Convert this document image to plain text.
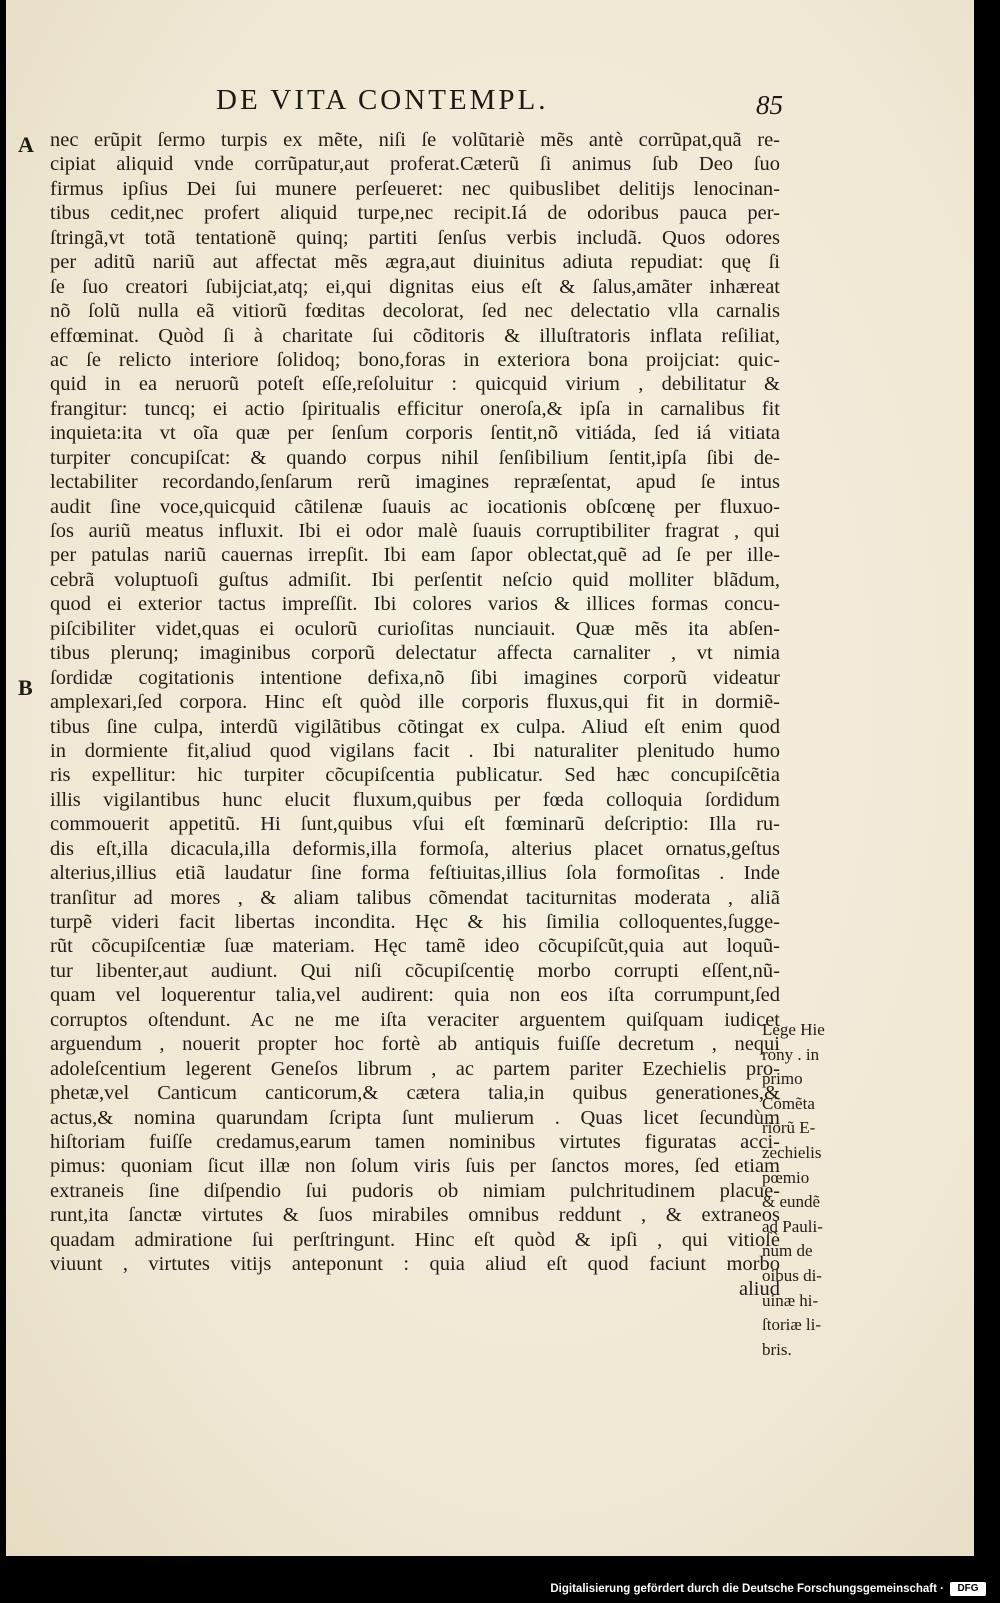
DE VITA CONTEMPL.	85
A
B
nec erũpit ſermo turpis ex mẽte, niſi ſe volũtariè mẽs antè corrũpat,quã re-
cipiat aliquid vnde corrũpatur,aut proferat.Cæterũ ſi animus ſub Deo ſuo
firmus ipſius Dei ſui munere perſeueret: nec quibuslibet delitijs lenocinan-
tibus cedit,nec profert aliquid turpe,nec recipit.Iá de odoribus pauca per-
ſtringã,vt totã tentationẽ quinq; partiti ſenſus verbis includã. Quos odores
per aditũ nariũ aut affectat mẽs ægra,aut diuinitus adiuta repudiat: quę ſi
ſe ſuo creatori ſubijciat,atq; ei,qui dignitas eius eſt & ſalus,amãter inhæreat
nõ ſolũ nulla eã vitiorũ fœditas decolorat, ſed nec delectatio vlla carnalis
effœminat. Quòd ſi à charitate ſui cõditoris & illuſtratoris inflata reſiliat,
ac ſe relicto interiore ſolidoq; bono,foras in exteriora bona proijciat: quic-
quid in ea neruorũ poteſt eſſe,reſoluitur : quicquid virium , debilitatur &
frangitur: tuncq; ei actio ſpiritualis efficitur oneroſa,& ipſa in carnalibus fit
inquieta:ita vt oĩa quæ per ſenſum corporis ſentit,nõ vitiáda, ſed iá vitiata
turpiter concupiſcat: & quando corpus nihil ſenſibilium ſentit,ipſa ſibi de-
lectabiliter recordando,ſenſarum rerũ imagines repræſentat, apud ſe intus
audit ſine voce,quicquid cãtilenæ ſuauis ac iocationis obſcœnę per fluxuo-
ſos auriũ meatus influxit. Ibi ei odor malè ſuauis corruptibiliter fragrat , qui
per patulas nariũ cauernas irrepſit. Ibi eam ſapor oblectat,quẽ ad ſe per ille-
cebrã voluptuoſi guſtus admiſit. Ibi perſentit neſcio quid molliter blãdum,
quod ei exterior tactus impreſſit. Ibi colores varios & illices formas concu-
piſcibiliter videt,quas ei oculorũ curioſitas nunciauit. Quæ mẽs ita abſen-
tibus plerunq; imaginibus corporũ delectatur affecta carnaliter , vt nimia
ſordidæ cogitationis intentione defixa,nõ ſibi imagines corporũ videatur
amplexari,ſed corpora. Hinc eſt quòd ille corporis fluxus,qui fit in dormiẽ-
tibus ſine culpa, interdũ vigilãtibus cõtingat ex culpa. Aliud eſt enim quod
in dormiente fit,aliud quod vigilans facit . Ibi naturaliter plenitudo humo
ris expellitur: hic turpiter cõcupiſcentia publicatur. Sed hæc concupiſcẽtia
illis vigilantibus hunc elucit fluxum,quibus per fœda colloquia ſordidum
commouerit appetitũ. Hi ſunt,quibus vſui eſt fœminarũ deſcriptio: Illa ru-
dis eſt,illa dicacula,illa deformis,illa formoſa, alterius placet ornatus,geſtus
alterius,illius etiã laudatur ſine forma feſtiuitas,illius ſola formoſitas . Inde
tranſitur ad mores , & aliam talibus cõmendat taciturnitas moderata , aliã
turpẽ videri facit libertas incondita. Hęc & his ſimilia colloquentes,ſugge-
rũt cõcupiſcentiæ ſuæ materiam. Hęc tamẽ ideo cõcupiſcũt,quia aut loquũ-
tur libenter,aut audiunt. Qui niſi cõcupiſcentię morbo corrupti eſſent,nũ-
quam vel loquerentur talia,vel audirent: quia non eos iſta corrumpunt,ſed
corruptos oſtendunt. Ac ne me iſta veraciter arguentem quiſquam iudicet
arguendum , nouerit propter hoc fortè ab antiquis fuiſſe decretum , nequi
adoleſcentium legerent Geneſos librum , ac partem pariter Ezechielis pro-
phetæ,vel Canticum canticorum,& cætera talia,in quibus generationes,&
actus,& nomina quarundam ſcripta ſunt mulierum . Quas licet ſecundùm
hiſtoriam fuiſſe credamus,earum tamen nominibus virtutes figuratas acci-
pimus: quoniam ſicut illæ non ſolum viris ſuis per ſanctos mores, ſed etiam
extraneis ſine diſpendio ſui pudoris ob nimiam pulchritudinem placue-
runt,ita ſanctæ virtutes & ſuos mirabiles omnibus reddunt , & extraneos
quadam admiratione ſui perſtringunt. Hinc eſt quòd & ipſi , qui vitioſè
viuunt , virtutes vitijs anteponunt : quia aliud eſt quod faciunt morbo
aliud
Lege Hie
rony . in
primo
Cõmẽta
riorũ E-
zechielis
pœmio
& eundẽ
ad Pauli-
num de
oibus di-
uinæ hi-
ſtoriæ li-
bris.
Digitalisierung gefördert durch die Deutsche Forschungsgemeinschaft ·	DFG
